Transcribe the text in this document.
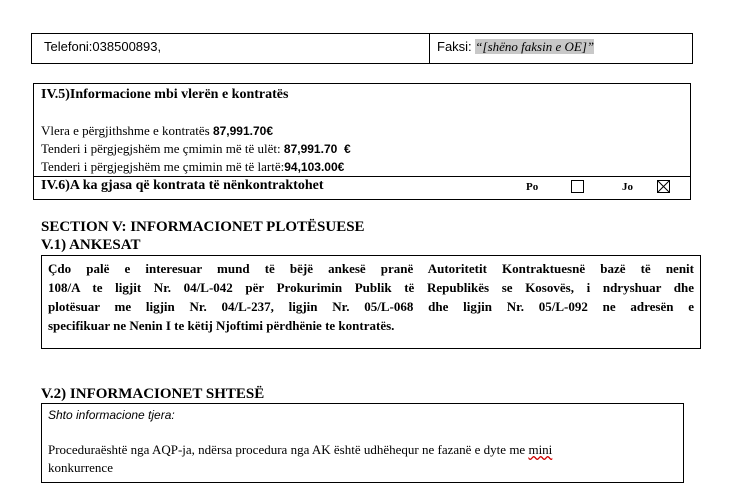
Telefoni:038500893,	Faksi: “[shëno faksin e OE]”
IV.5)Informacione mbi vlerën e kontratës
Vlera e përgjithshme e kontratës 87,991.70€
Tenderi i përgjegjshëm me çmimin më të ulët: 87,991.70  €
Tenderi i përgjegjshëm me çmimin më të lartë:94,103.00€
IV.6)A ka gjasa që kontrata të nënkontraktohet	Po	Jo
SECTION V: INFORMACIONET PLOTËSUESE
V.1) ANKESAT
Çdo palë e interesuar mund të bëjë ankesë pranë Autoritetit Kontraktuesnë bazë të nenit
108/A te ligjit Nr. 04/L-042 për Prokurimin Publik të Republikës se Kosovës, i ndryshuar dhe
plotësuar me ligjin Nr. 04/L-237, ligjin Nr. 05/L-068 dhe ligjin Nr. 05/L-092 ne adresën e
specifikuar ne Nenin I te këtij Njoftimi përdhënie te kontratës.
V.2) INFORMACIONET SHTESË
Shto informacione tjera:
Proceduraështë nga AQP-ja, ndërsa procedura nga AK është udhëhequr ne fazanë e dyte me mini
konkurrence
